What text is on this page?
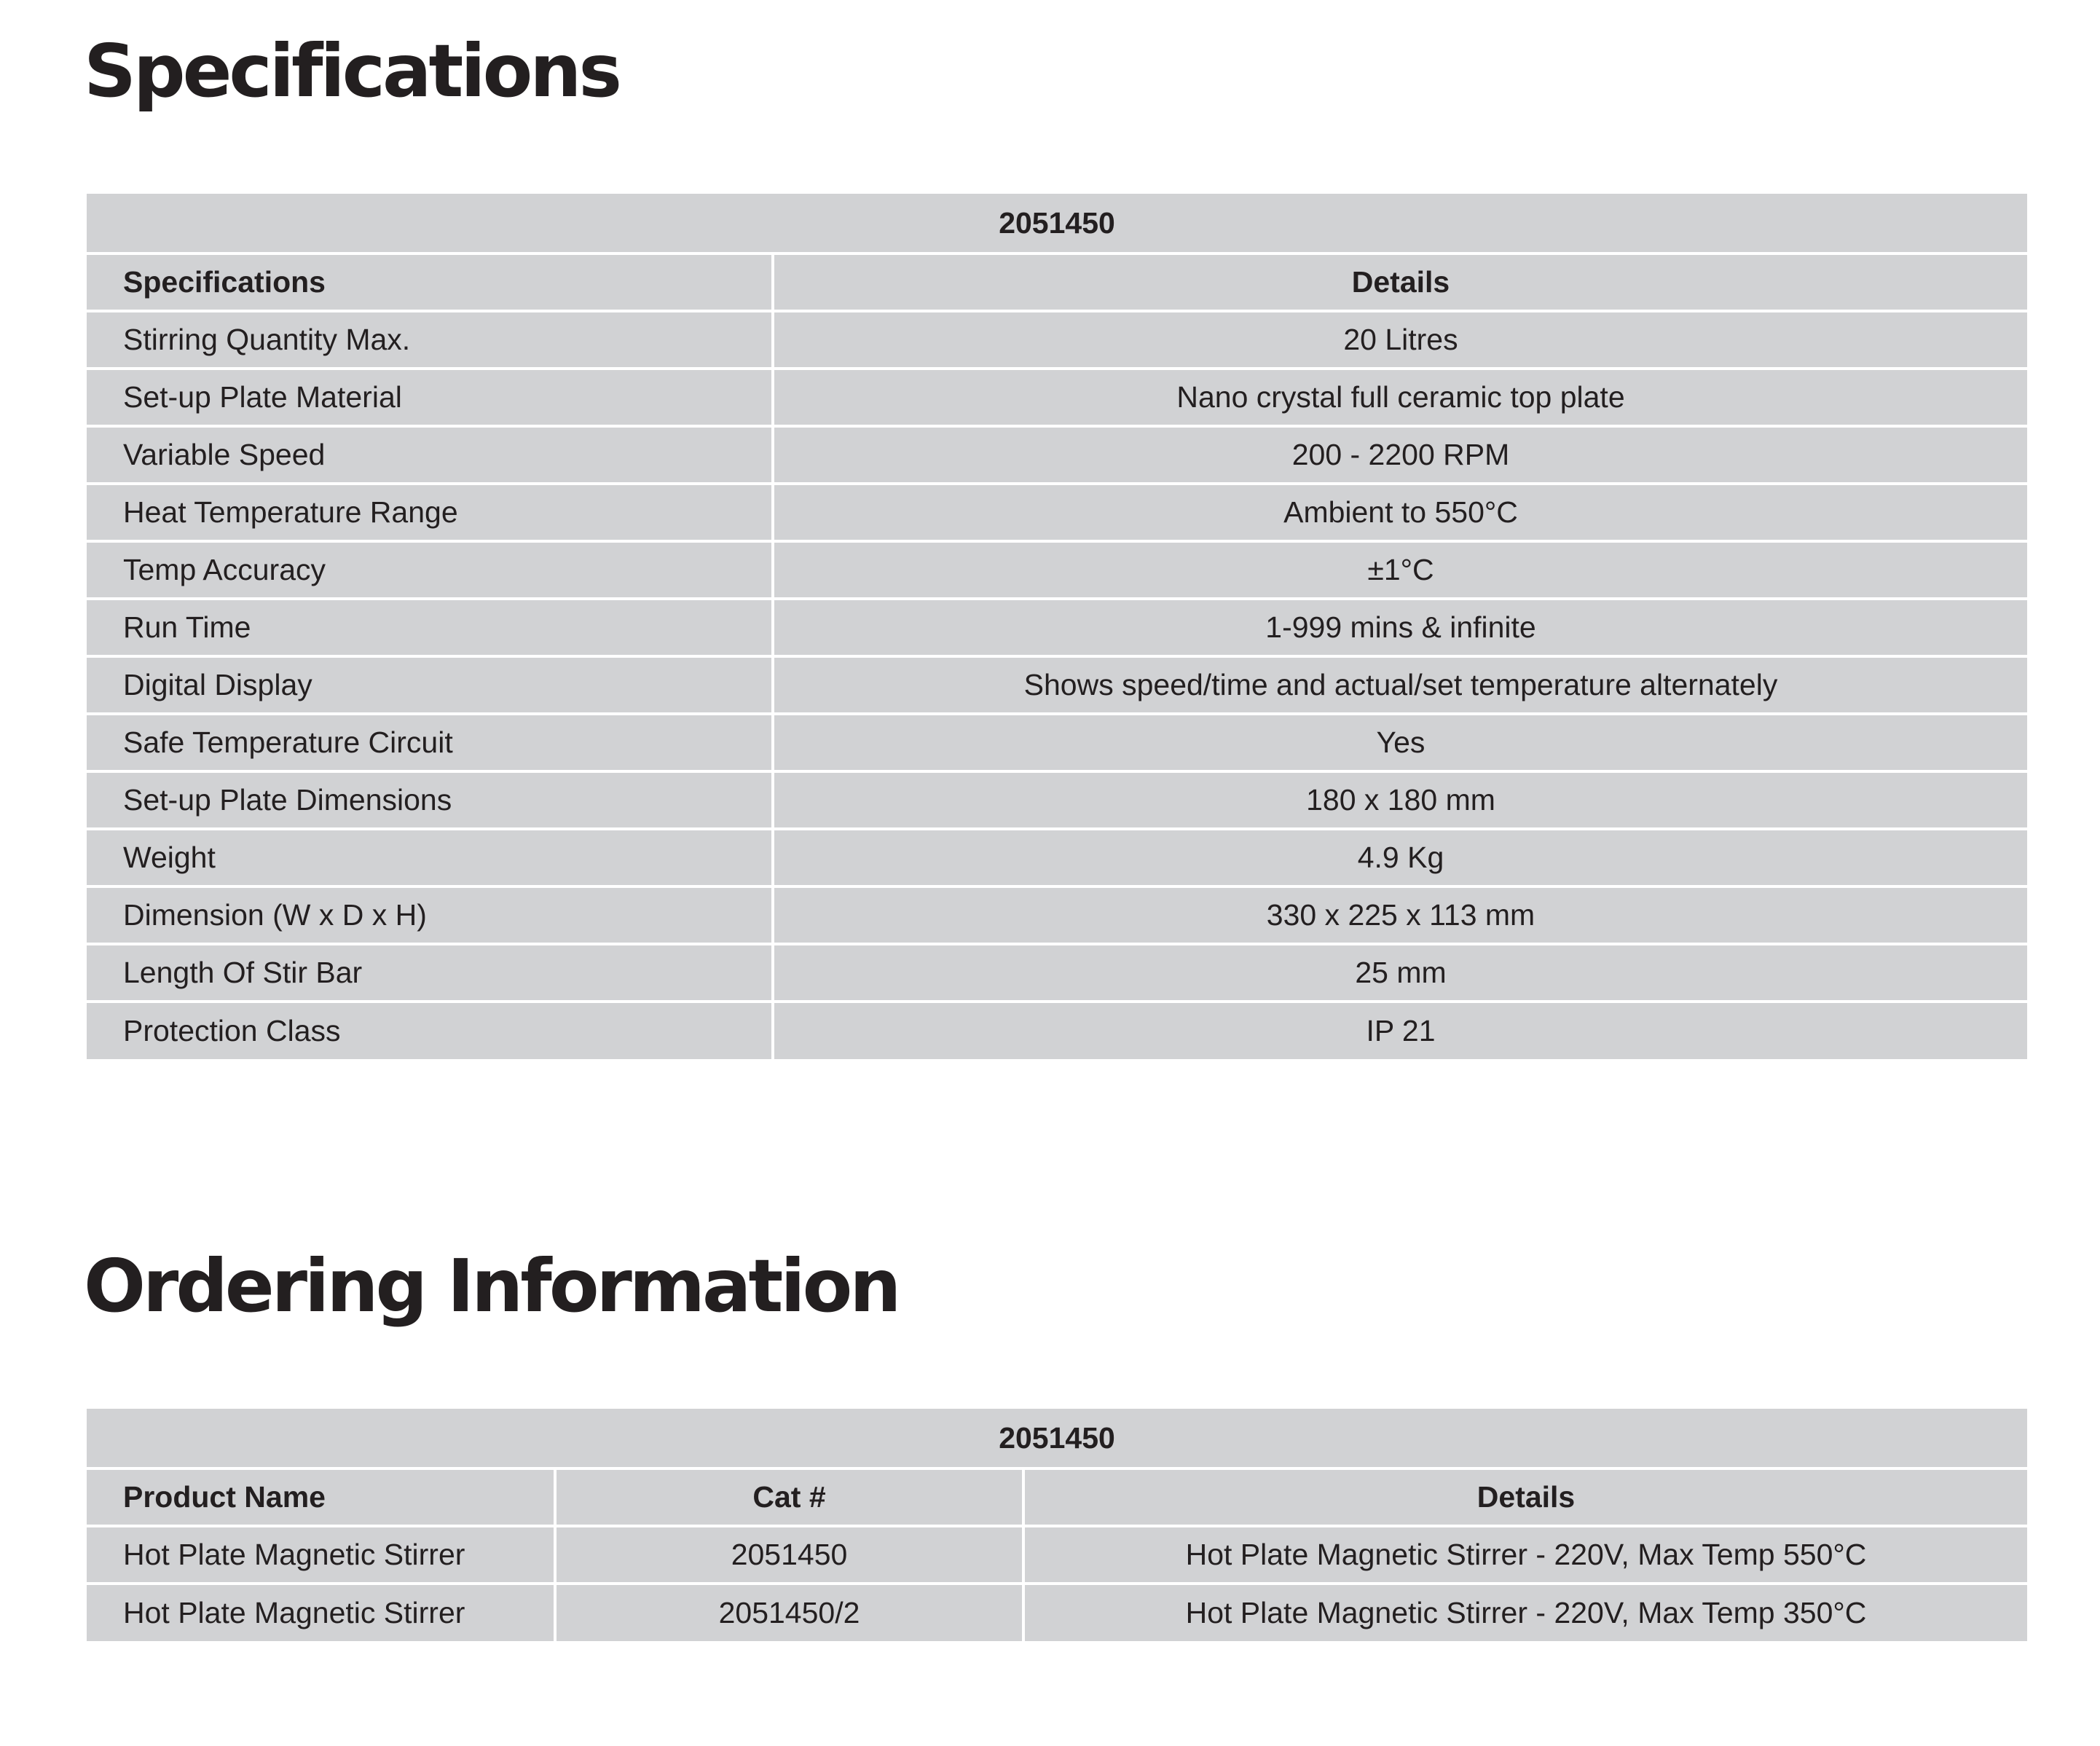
Specifications
2051450	
Specifications	Details
Stirring Quantity Max.	20 Litres
Set-up Plate Material	Nano crystal full ceramic top plate
Variable Speed	200 - 2200 RPM
Heat Temperature Range	Ambient to 550°C
Temp Accuracy	±1°C
Run Time	1-999 mins & infinite
Digital Display	Shows speed/time and actual/set temperature alternately
Safe Temperature Circuit	Yes
Set-up Plate Dimensions	180 x 180 mm
Weight	4.9 Kg
Dimension (W x D x H)	330 x 225 x 113 mm
Length Of Stir Bar	25 mm
Protection Class	IP 21
Ordering Information
2051450		
Product Name	Cat #	Details
Hot Plate Magnetic Stirrer	2051450	Hot Plate Magnetic Stirrer - 220V, Max Temp 550°C
Hot Plate Magnetic Stirrer	2051450/2	Hot Plate Magnetic Stirrer - 220V, Max Temp 350°C
